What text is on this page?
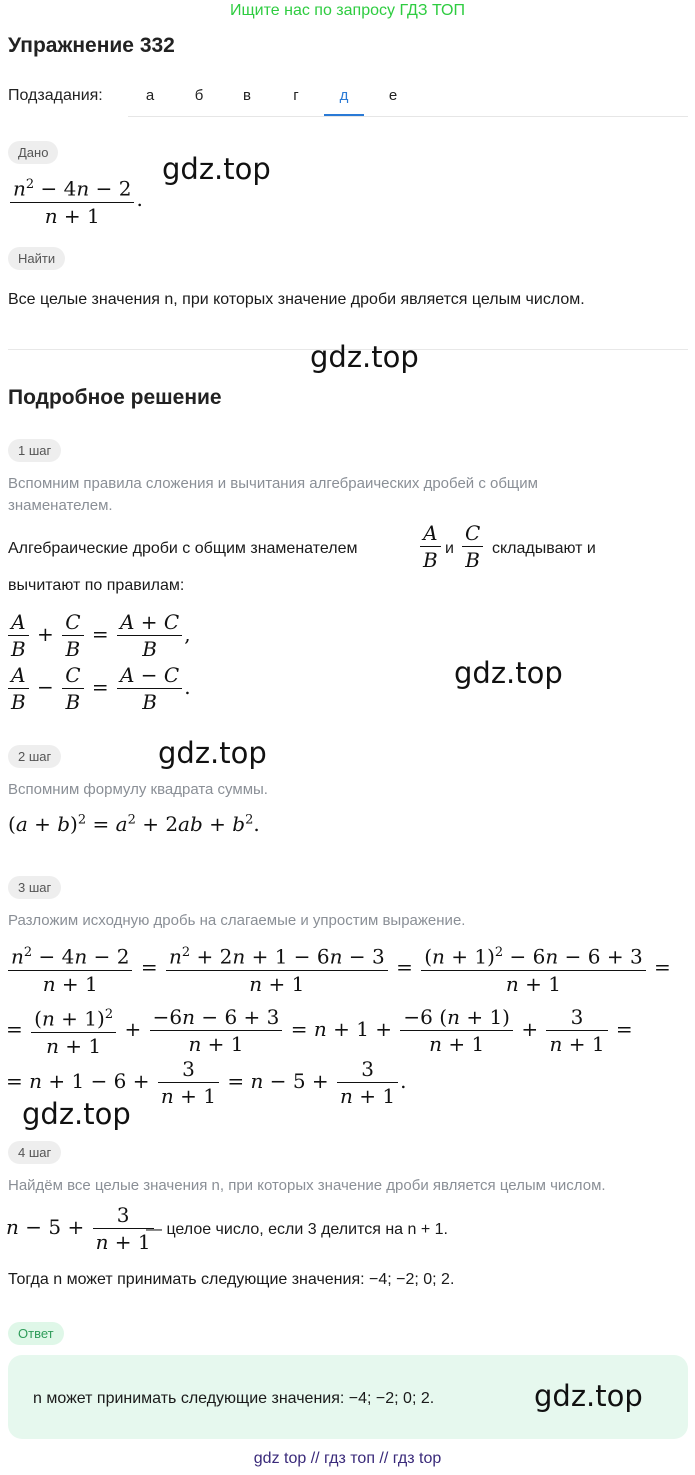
Ищите нас по запросу ГДЗ ТОП
Упражнение 332
Подзадания:	а	б	в	г	д	е
Дано
$\frac{n^2 - 4n - 2}{n + 1}$ .
gdz.top
Найти
Все целые значения n, при которых значение дроби является целым числом.
gdz.top
Подробное решение
1 шаг
Вспомним правила сложения и вычитания алгебраических дробей с общим знаменателем.
Алгебраические дроби с общим знаменателем	$\frac{A}{B}$ и $\frac{C}{B}$ складывают и
вычитают по правилам:
$\frac{A}{B} + \frac{C}{B} = \frac{A + C}{B}$ ,
$\frac{A}{B} - \frac{C}{B} = \frac{A - C}{B}$ .	gdz.top
2 шаг	gdz.top
Вспомним формулу квадрата суммы.
$(a + b)^2 = a^2 + 2ab + b^2$.
3 шаг
Разложим исходную дробь на слагаемые и упростим выражение.
$\frac{n^2 - 4n - 2}{n + 1} = \frac{n^2 + 2n + 1 - 6n - 3}{n + 1} = \frac{(n + 1)^2 - 6n - 6 + 3}{n + 1}$ =
= $\frac{(n + 1)^2}{n + 1} + \frac{-6n - 6 + 3}{n + 1} = n + 1 + \frac{-6 (n + 1)}{n + 1} + \frac{3}{n + 1}$ =
= $n + 1 - 6 + \frac{3}{n + 1} = n - 5 + \frac{3}{n + 1}$ .
gdz.top
4 шаг
Найдём все целые значения n, при которых значение дроби является целым числом.
$n - 5 + \frac{3}{n + 1}$
— целое число, если 3 делится на n + 1.
Тогда n может принимать следующие значения: −4; −2; 0; 2.
Ответ
n может принимать следующие значения: −4; −2; 0; 2.	gdz.top
gdz top // гдз топ // гдз top
